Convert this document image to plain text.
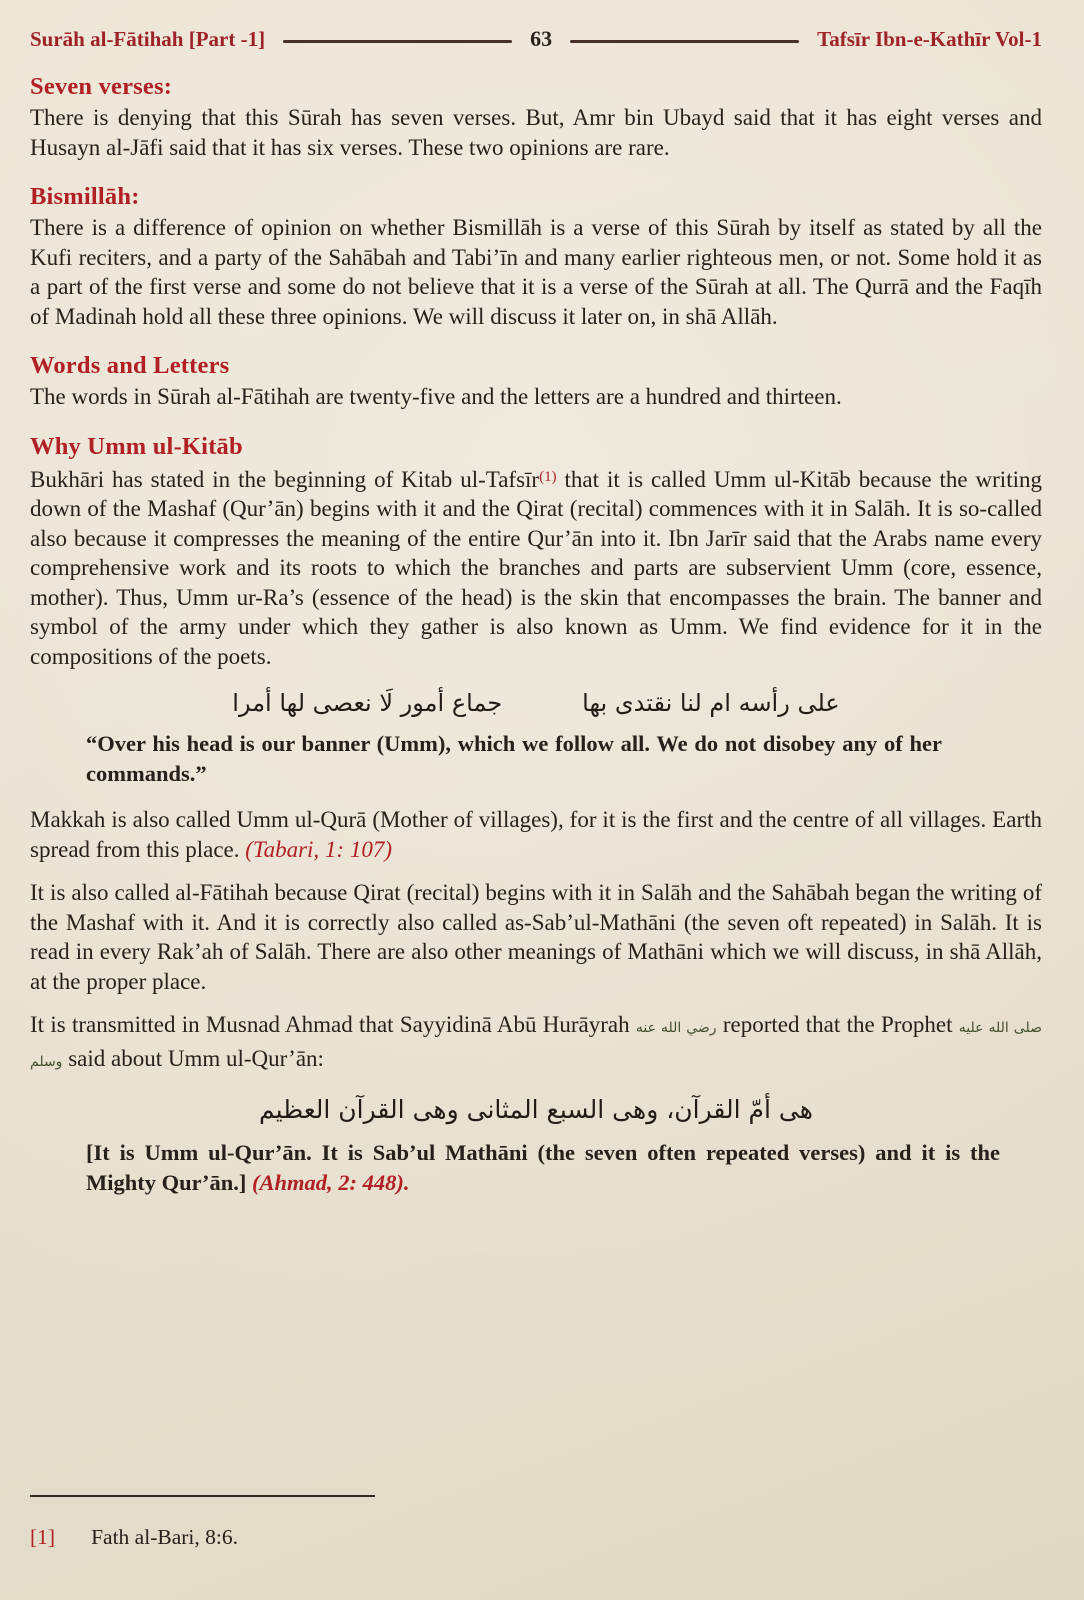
Surāh al-Fātihah [Part -1]	63	Tafsīr Ibn-e-Kathīr Vol-1
Seven verses:

There is denying that this Sūrah has seven verses. But, Amr bin Ubayd said that it has eight verses and Husayn al-Jāfi said that it has six verses. These two opinions are rare.

Bismillāh:

There is a difference of opinion on whether Bismillāh is a verse of this Sūrah by itself as stated by all the Kufi reciters, and a party of the Sahābah and Tabi’īn and many earlier righteous men, or not. Some hold it as a part of the first verse and some do not believe that it is a verse of the Sūrah at all. The Qurrā and the Faqīh of Madinah hold all these three opinions. We will discuss it later on, in shā Allāh.

Words and Letters

The words in Sūrah al-Fātihah are twenty-five and the letters are a hundred and thirteen.

Why Umm ul-Kitāb

Bukhāri has stated in the beginning of Kitab ul-Tafsīr$^{(1)}$ that it is called Umm ul-Kitāb because the writing down of the Mashaf (Qur’ān) begins with it and the Qirat (recital) commences with it in Salāh. It is so-called also because it compresses the meaning of the entire Qur’ān into it. Ibn Jarīr said that the Arabs name every comprehensive work and its roots to which the branches and parts are subservient Umm (core, essence, mother). Thus, Umm ur-Ra’s (essence of the head) is the skin that encompasses the brain. The banner and symbol of the army under which they gather is also known as Umm. We find evidence for it in the compositions of the poets.

على رأسه ام لنا نقتدى بها
جماع أمور لَا نعصى لها أمرا

“Over his head is our banner (Umm), which we follow all. We do not disobey any of her commands.”

Makkah is also called Umm ul-Qurā (Mother of villages), for it is the first and the centre of all villages. Earth spread from this place. (Tabari, 1: 107)

It is also called al-Fātihah because Qirat (recital) begins with it in Salāh and the Sahābah began the writing of the Mashaf with it. And it is correctly also called as-Sab’ul-Mathāni (the seven oft repeated) in Salāh. It is read in every Rak’ah of Salāh. There are also other meanings of Mathāni which we will discuss, in shā Allāh, at the proper place.

It is transmitted in Musnad Ahmad that Sayyidinā Abū Hurāyrah رضي الله عنه reported that the Prophet صلى الله عليه وسلم said about Umm ul-Qur’ān:

هى أمّ القرآن، وهى السبع المثانى وهى القرآن العظيم

[It is Umm ul-Qur’ān. It is Sab’ul Mathāni (the seven often repeated verses) and it is the Mighty Qur’ān.] (Ahmad, 2: 448).

[1] Fath al-Bari, 8:6.
